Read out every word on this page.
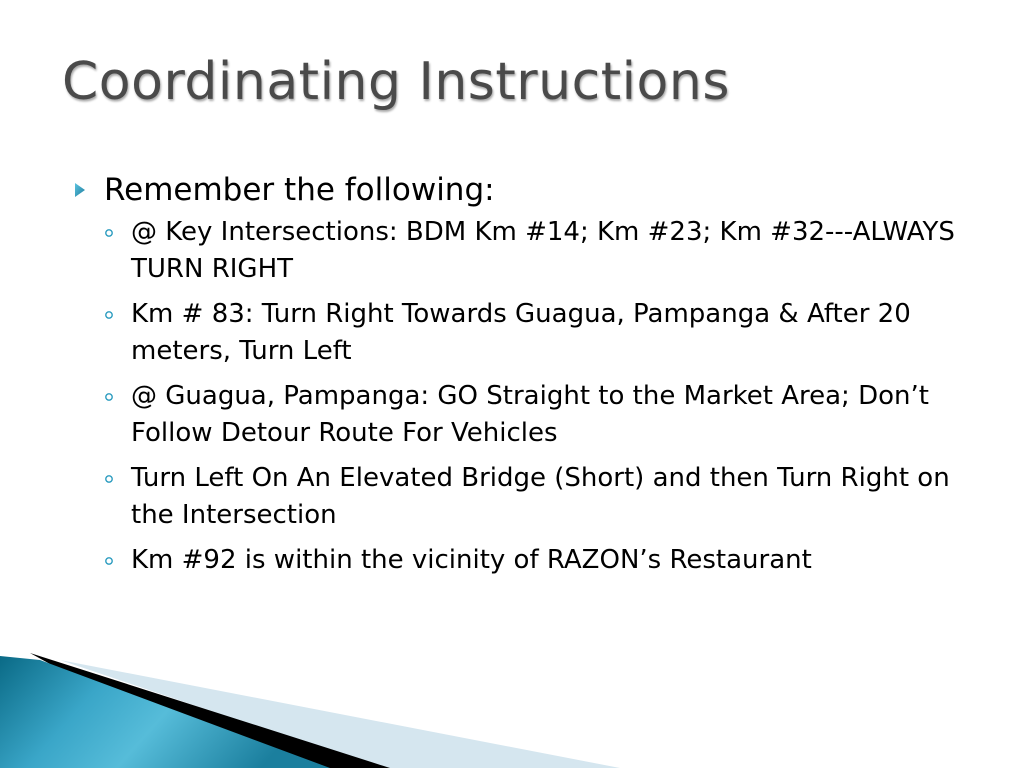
Coordinating Instructions
Remember the following:
@ Key Intersections: BDM Km #14; Km #23; Km #32---ALWAYS TURN RIGHT
Km # 83: Turn Right Towards Guagua, Pampanga & After 20 meters, Turn Left
@ Guagua, Pampanga: GO Straight to the Market Area; Don’t Follow Detour Route For Vehicles
Turn Left On An Elevated Bridge (Short) and then Turn Right on the Intersection
Km #92 is within the vicinity of RAZON’s Restaurant
